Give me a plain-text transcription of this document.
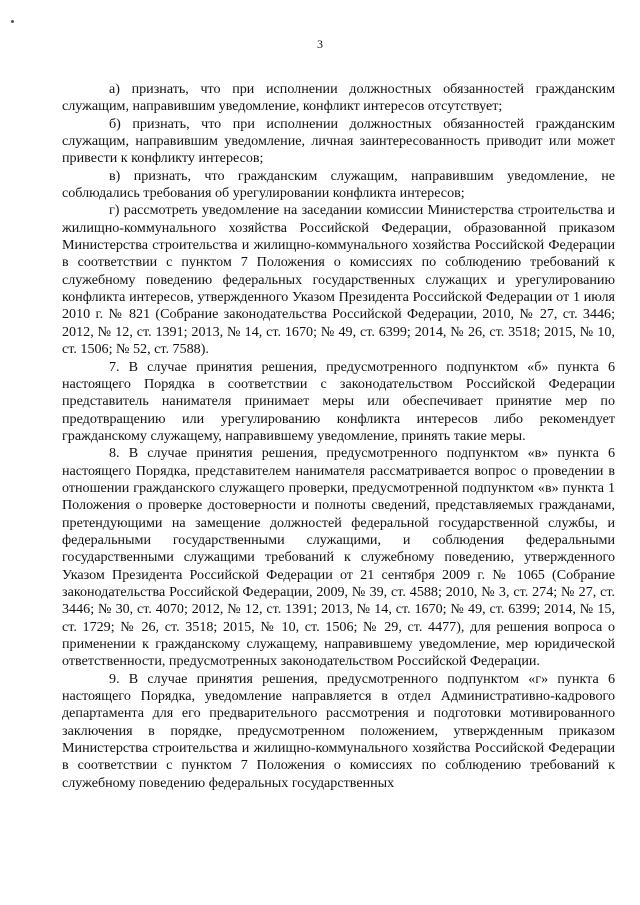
3

а) признать, что при исполнении должностных обязанностей гражданским служащим, направившим уведомление, конфликт интересов отсутствует;

б) признать, что при исполнении должностных обязанностей гражданским служащим, направившим уведомление, личная заинтересованность приводит или может привести к конфликту интересов;

в) признать, что гражданским служащим, направившим уведомление, не соблюдались требования об урегулировании конфликта интересов;

г) рассмотреть уведомление на заседании комиссии Министерства строительства и жилищно-коммунального хозяйства Российской Федерации, образованной приказом Министерства строительства и жилищно-коммунального хозяйства Российской Федерации в соответствии с пунктом 7 Положения о комиссиях по соблюдению требований к служебному поведению федеральных государственных служащих и урегулированию конфликта интересов, утвержденного Указом Президента Российской Федерации от 1 июля 2010 г. № 821 (Собрание законодательства Российской Федерации, 2010, № 27, ст. 3446; 2012, № 12, ст. 1391; 2013, № 14, ст. 1670; № 49, ст. 6399; 2014, № 26, ст. 3518; 2015, № 10, ст. 1506; № 52, ст. 7588).

7. В случае принятия решения, предусмотренного подпунктом «б» пункта 6 настоящего Порядка в соответствии с законодательством Российской Федерации представитель нанимателя принимает меры или обеспечивает принятие мер по предотвращению или урегулированию конфликта интересов либо рекомендует гражданскому служащему, направившему уведомление, принять такие меры.

8. В случае принятия решения, предусмотренного подпунктом «в» пункта 6 настоящего Порядка, представителем нанимателя рассматривается вопрос о проведении в отношении гражданского служащего проверки, предусмотренной подпунктом «в» пункта 1 Положения о проверке достоверности и полноты сведений, представляемых гражданами, претендующими на замещение должностей федеральной государственной службы, и федеральными государственными служащими, и соблюдения федеральными государственными служащими требований к служебному поведению, утвержденного Указом Президента Российской Федерации от 21 сентября 2009 г. № 1065 (Собрание законодательства Российской Федерации, 2009, № 39, ст. 4588; 2010, № 3, ст. 274; № 27, ст. 3446; № 30, ст. 4070; 2012, № 12, ст. 1391; 2013, № 14, ст. 1670; № 49, ст. 6399; 2014, № 15, ст. 1729; № 26, ст. 3518; 2015, № 10, ст. 1506; № 29, ст. 4477), для решения вопроса о применении к гражданскому служащему, направившему уведомление, мер юридической ответственности, предусмотренных законодательством Российской Федерации.

9. В случае принятия решения, предусмотренного подпунктом «г» пункта 6 настоящего Порядка, уведомление направляется в отдел Административно-кадрового департамента для его предварительного рассмотрения и подготовки мотивированного заключения в порядке, предусмотренном положением, утвержденным приказом Министерства строительства и жилищно-коммунального хозяйства Российской Федерации в соответствии с пунктом 7 Положения о комиссиях по соблюдению требований к служебному поведению федеральных государственных
